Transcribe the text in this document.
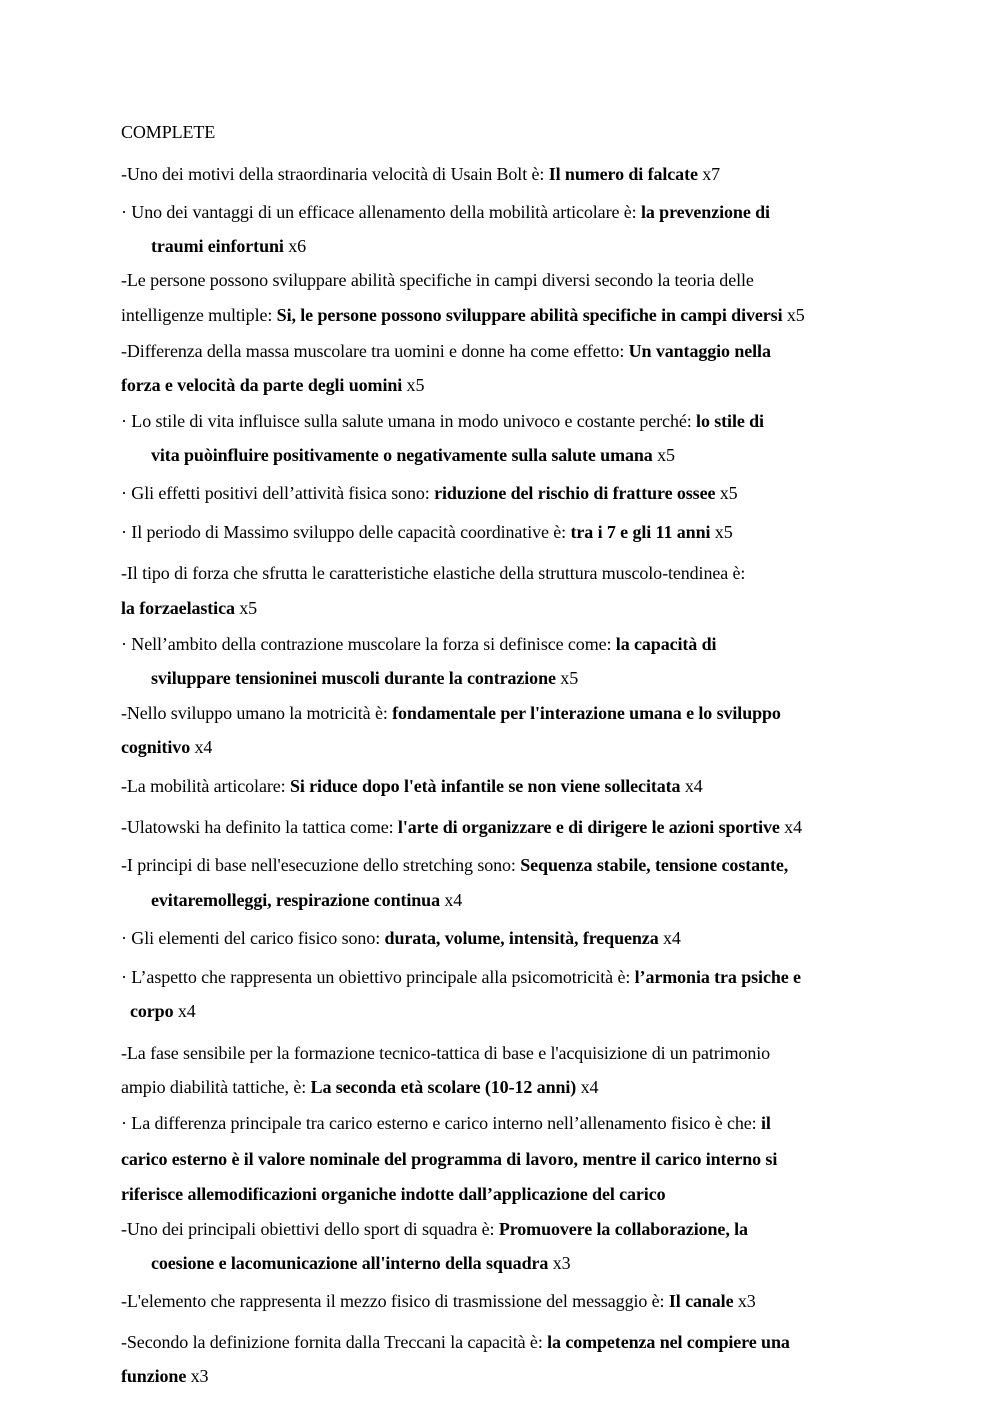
COMPLETE

-Uno dei motivi della straordinaria velocità di Usain Bolt è: Il numero di falcate x7

· Uno dei vantaggi di un efficace allenamento della mobilità articolare è: la prevenzione di

traumi einfortuni x6

-Le persone possono sviluppare abilità specifiche in campi diversi secondo la teoria delle

intelligenze multiple: Si, le persone possono sviluppare abilità specifiche in campi diversi x5

-Differenza della massa muscolare tra uomini e donne ha come effetto: Un vantaggio nella

forza e velocità da parte degli uomini x5

· Lo stile di vita influisce sulla salute umana in modo univoco e costante perché: lo stile di

vita puòinfluire positivamente o negativamente sulla salute umana x5

· Gli effetti positivi dell’attività fisica sono: riduzione del rischio di fratture ossee x5

· Il periodo di Massimo sviluppo delle capacità coordinative è: tra i 7 e gli 11 anni x5

-Il tipo di forza che sfrutta le caratteristiche elastiche della struttura muscolo-tendinea è:

la forzaelastica x5

· Nell’ambito della contrazione muscolare la forza si definisce come: la capacità di

sviluppare tensioninei muscoli durante la contrazione x5

-Nello sviluppo umano la motricità è: fondamentale per l'interazione umana e lo sviluppo

cognitivo x4

-La mobilità articolare: Si riduce dopo l'età infantile se non viene sollecitata x4

-Ulatowski ha definito la tattica come: l'arte di organizzare e di dirigere le azioni sportive x4

-I principi di base nell'esecuzione dello stretching sono: Sequenza stabile, tensione costante,

evitaremolleggi, respirazione continua x4

· Gli elementi del carico fisico sono: durata, volume, intensità, frequenza x4

· L’aspetto che rappresenta un obiettivo principale alla psicomotricità è: l’armonia tra psiche e

corpo x4

-La fase sensibile per la formazione tecnico-tattica di base e l'acquisizione di un patrimonio

ampio diabilità tattiche, è: La seconda età scolare (10-12 anni) x4

· La differenza principale tra carico esterno e carico interno nell’allenamento fisico è che: il

carico esterno è il valore nominale del programma di lavoro, mentre il carico interno si

riferisce allemodificazioni organiche indotte dall’applicazione del carico

-Uno dei principali obiettivi dello sport di squadra è: Promuovere la collaborazione, la

coesione e lacomunicazione all'interno della squadra x3

-L'elemento che rappresenta il mezzo fisico di trasmissione del messaggio è: Il canale x3

-Secondo la definizione fornita dalla Treccani la capacità è: la competenza nel compiere una

funzione x3
